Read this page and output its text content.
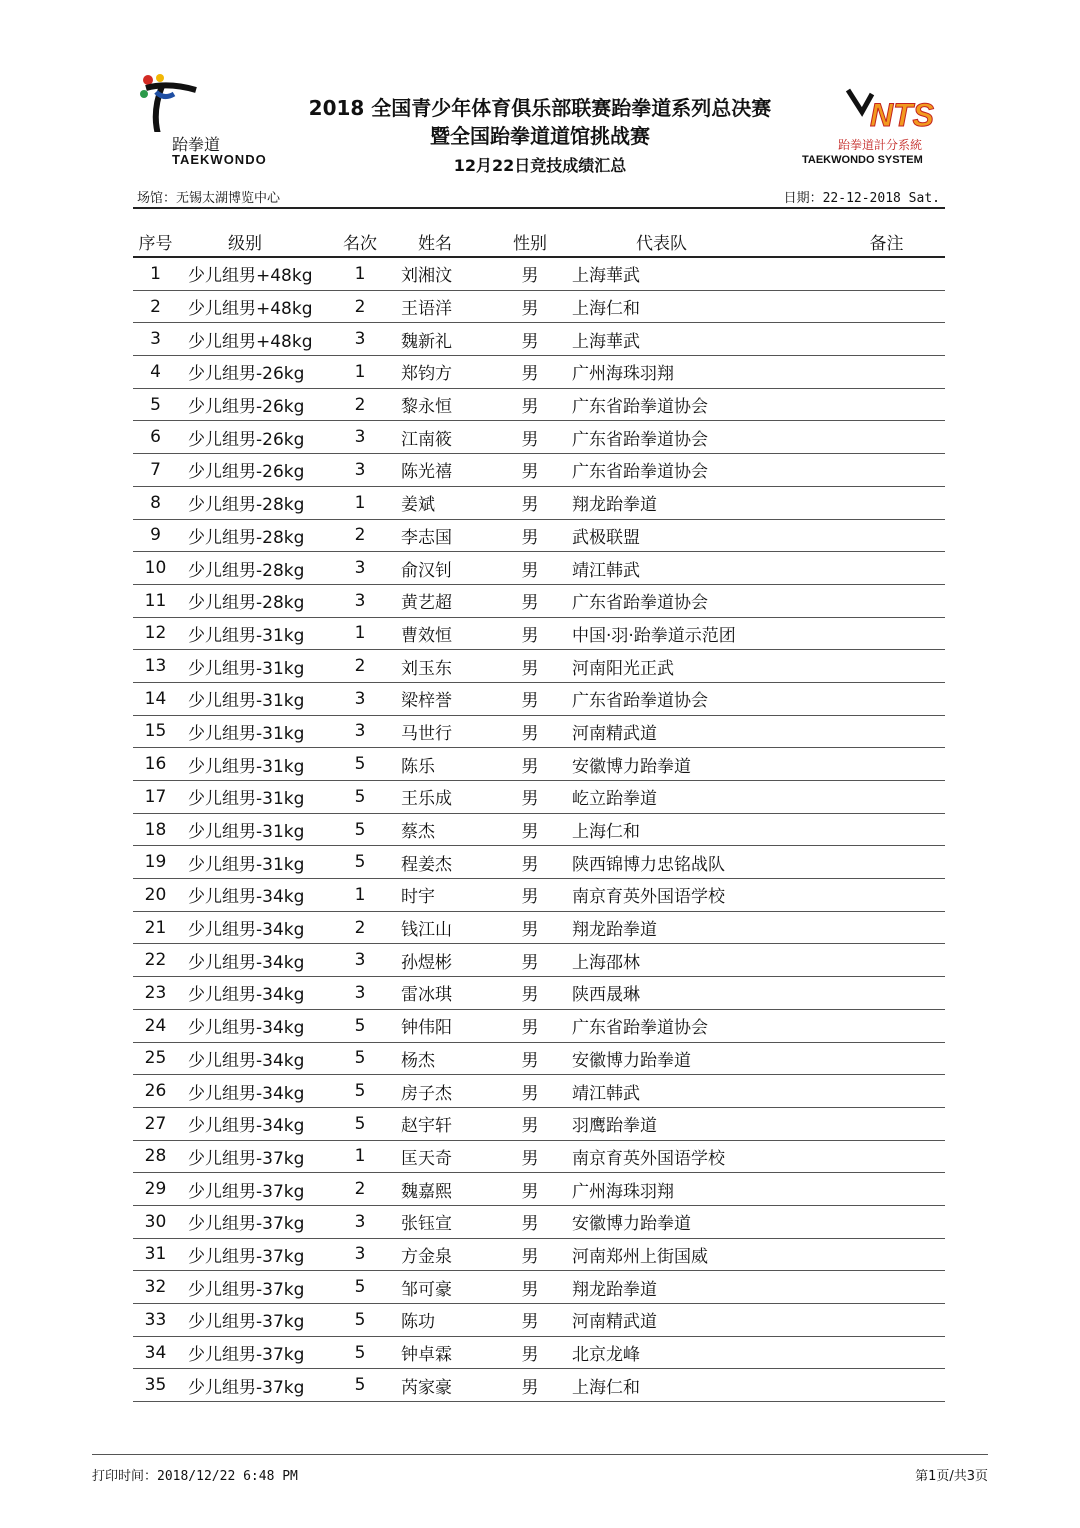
跆拳道
TAEKWONDO
2018 全国青少年体育俱乐部联赛跆拳道系列总决赛
暨全国跆拳道道馆挑战赛
12月22日竞技成绩汇总
NTS
跆拳道計分系統
TAEKWONDO SYSTEM
场馆：无锡太湖博览中心	日期：22-12-2018 Sat.
序号	级别	名次	姓名	性别	代表队	备注
1	少儿组男+48kg	1	刘湘汶	男	上海華武	
2	少儿组男+48kg	2	王语洋	男	上海仁和	
3	少儿组男+48kg	3	魏新礼	男	上海華武	
4	少儿组男-26kg	1	郑钧方	男	广州海珠羽翔	
5	少儿组男-26kg	2	黎永恒	男	广东省跆拳道协会	
6	少儿组男-26kg	3	江南筱	男	广东省跆拳道协会	
7	少儿组男-26kg	3	陈光禧	男	广东省跆拳道协会	
8	少儿组男-28kg	1	姜斌	男	翔龙跆拳道	
9	少儿组男-28kg	2	李志国	男	武极联盟	
10	少儿组男-28kg	3	俞汉钊	男	靖江韩武	
11	少儿组男-28kg	3	黄艺超	男	广东省跆拳道协会	
12	少儿组男-31kg	1	曹效恒	男	中国·羽·跆拳道示范团	
13	少儿组男-31kg	2	刘玉东	男	河南阳光正武	
14	少儿组男-31kg	3	梁梓誉	男	广东省跆拳道协会	
15	少儿组男-31kg	3	马世行	男	河南精武道	
16	少儿组男-31kg	5	陈乐	男	安徽博力跆拳道	
17	少儿组男-31kg	5	王乐成	男	屹立跆拳道	
18	少儿组男-31kg	5	蔡杰	男	上海仁和	
19	少儿组男-31kg	5	程姜杰	男	陕西锦博力忠铭战队	
20	少儿组男-34kg	1	时宇	男	南京育英外国语学校	
21	少儿组男-34kg	2	钱江山	男	翔龙跆拳道	
22	少儿组男-34kg	3	孙煜彬	男	上海邵林	
23	少儿组男-34kg	3	雷冰琪	男	陕西晟琳	
24	少儿组男-34kg	5	钟伟阳	男	广东省跆拳道协会	
25	少儿组男-34kg	5	杨杰	男	安徽博力跆拳道	
26	少儿组男-34kg	5	房子杰	男	靖江韩武	
27	少儿组男-34kg	5	赵宇轩	男	羽鹰跆拳道	
28	少儿组男-37kg	1	匡天奇	男	南京育英外国语学校	
29	少儿组男-37kg	2	魏嘉熙	男	广州海珠羽翔	
30	少儿组男-37kg	3	张钰宣	男	安徽博力跆拳道	
31	少儿组男-37kg	3	方金泉	男	河南郑州上街国威	
32	少儿组男-37kg	5	邹可豪	男	翔龙跆拳道	
33	少儿组男-37kg	5	陈功	男	河南精武道	
34	少儿组男-37kg	5	钟卓霖	男	北京龙峰	
35	少儿组男-37kg	5	芮家豪	男	上海仁和	
打印时间：2018/12/22 6:48 PM	第1页/共3页
